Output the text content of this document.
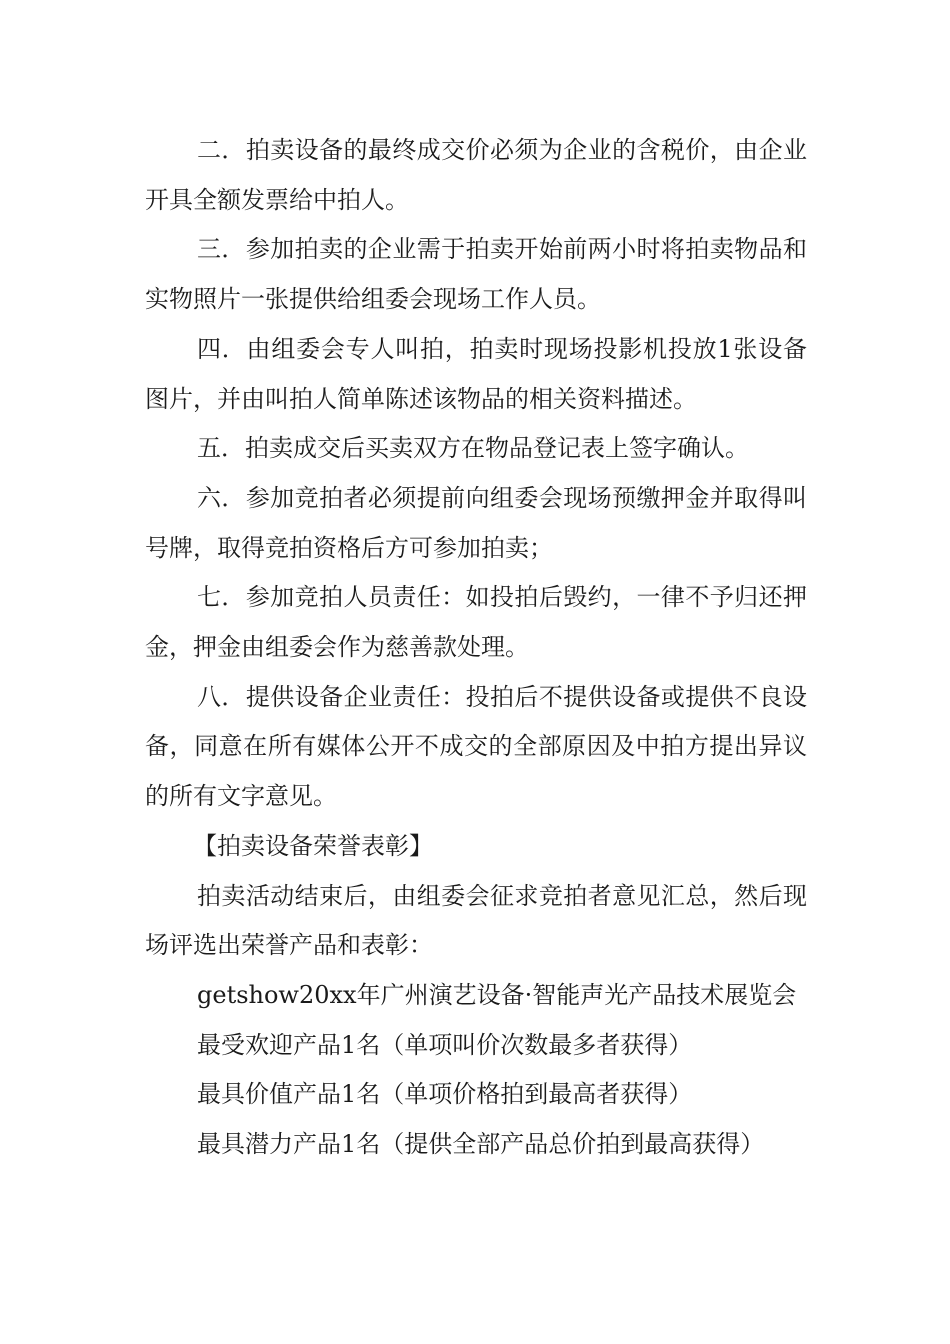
二．拍卖设备的最终成交价必须为企业的含税价，由企业开具全额发票给中拍人。

三．参加拍卖的企业需于拍卖开始前两小时将拍卖物品和实物照片一张提供给组委会现场工作人员。

四．由组委会专人叫拍，拍卖时现场投影机投放1张设备图片，并由叫拍人简单陈述该物品的相关资料描述。

五．拍卖成交后买卖双方在物品登记表上签字确认。

六．参加竞拍者必须提前向组委会现场预缴押金并取得叫号牌，取得竞拍资格后方可参加拍卖；

七．参加竞拍人员责任：如投拍后毁约，一律不予归还押金，押金由组委会作为慈善款处理。

八．提供设备企业责任：投拍后不提供设备或提供不良设备，同意在所有媒体公开不成交的全部原因及中拍方提出异议的所有文字意见。

【拍卖设备荣誉表彰】

拍卖活动结束后，由组委会征求竞拍者意见汇总，然后现场评选出荣誉产品和表彰：

getshow20xx年广州演艺设备·智能声光产品技术展览会

最受欢迎产品1名（单项叫价次数最多者获得）

最具价值产品1名（单项价格拍到最高者获得）

最具潜力产品1名（提供全部产品总价拍到最高获得）
